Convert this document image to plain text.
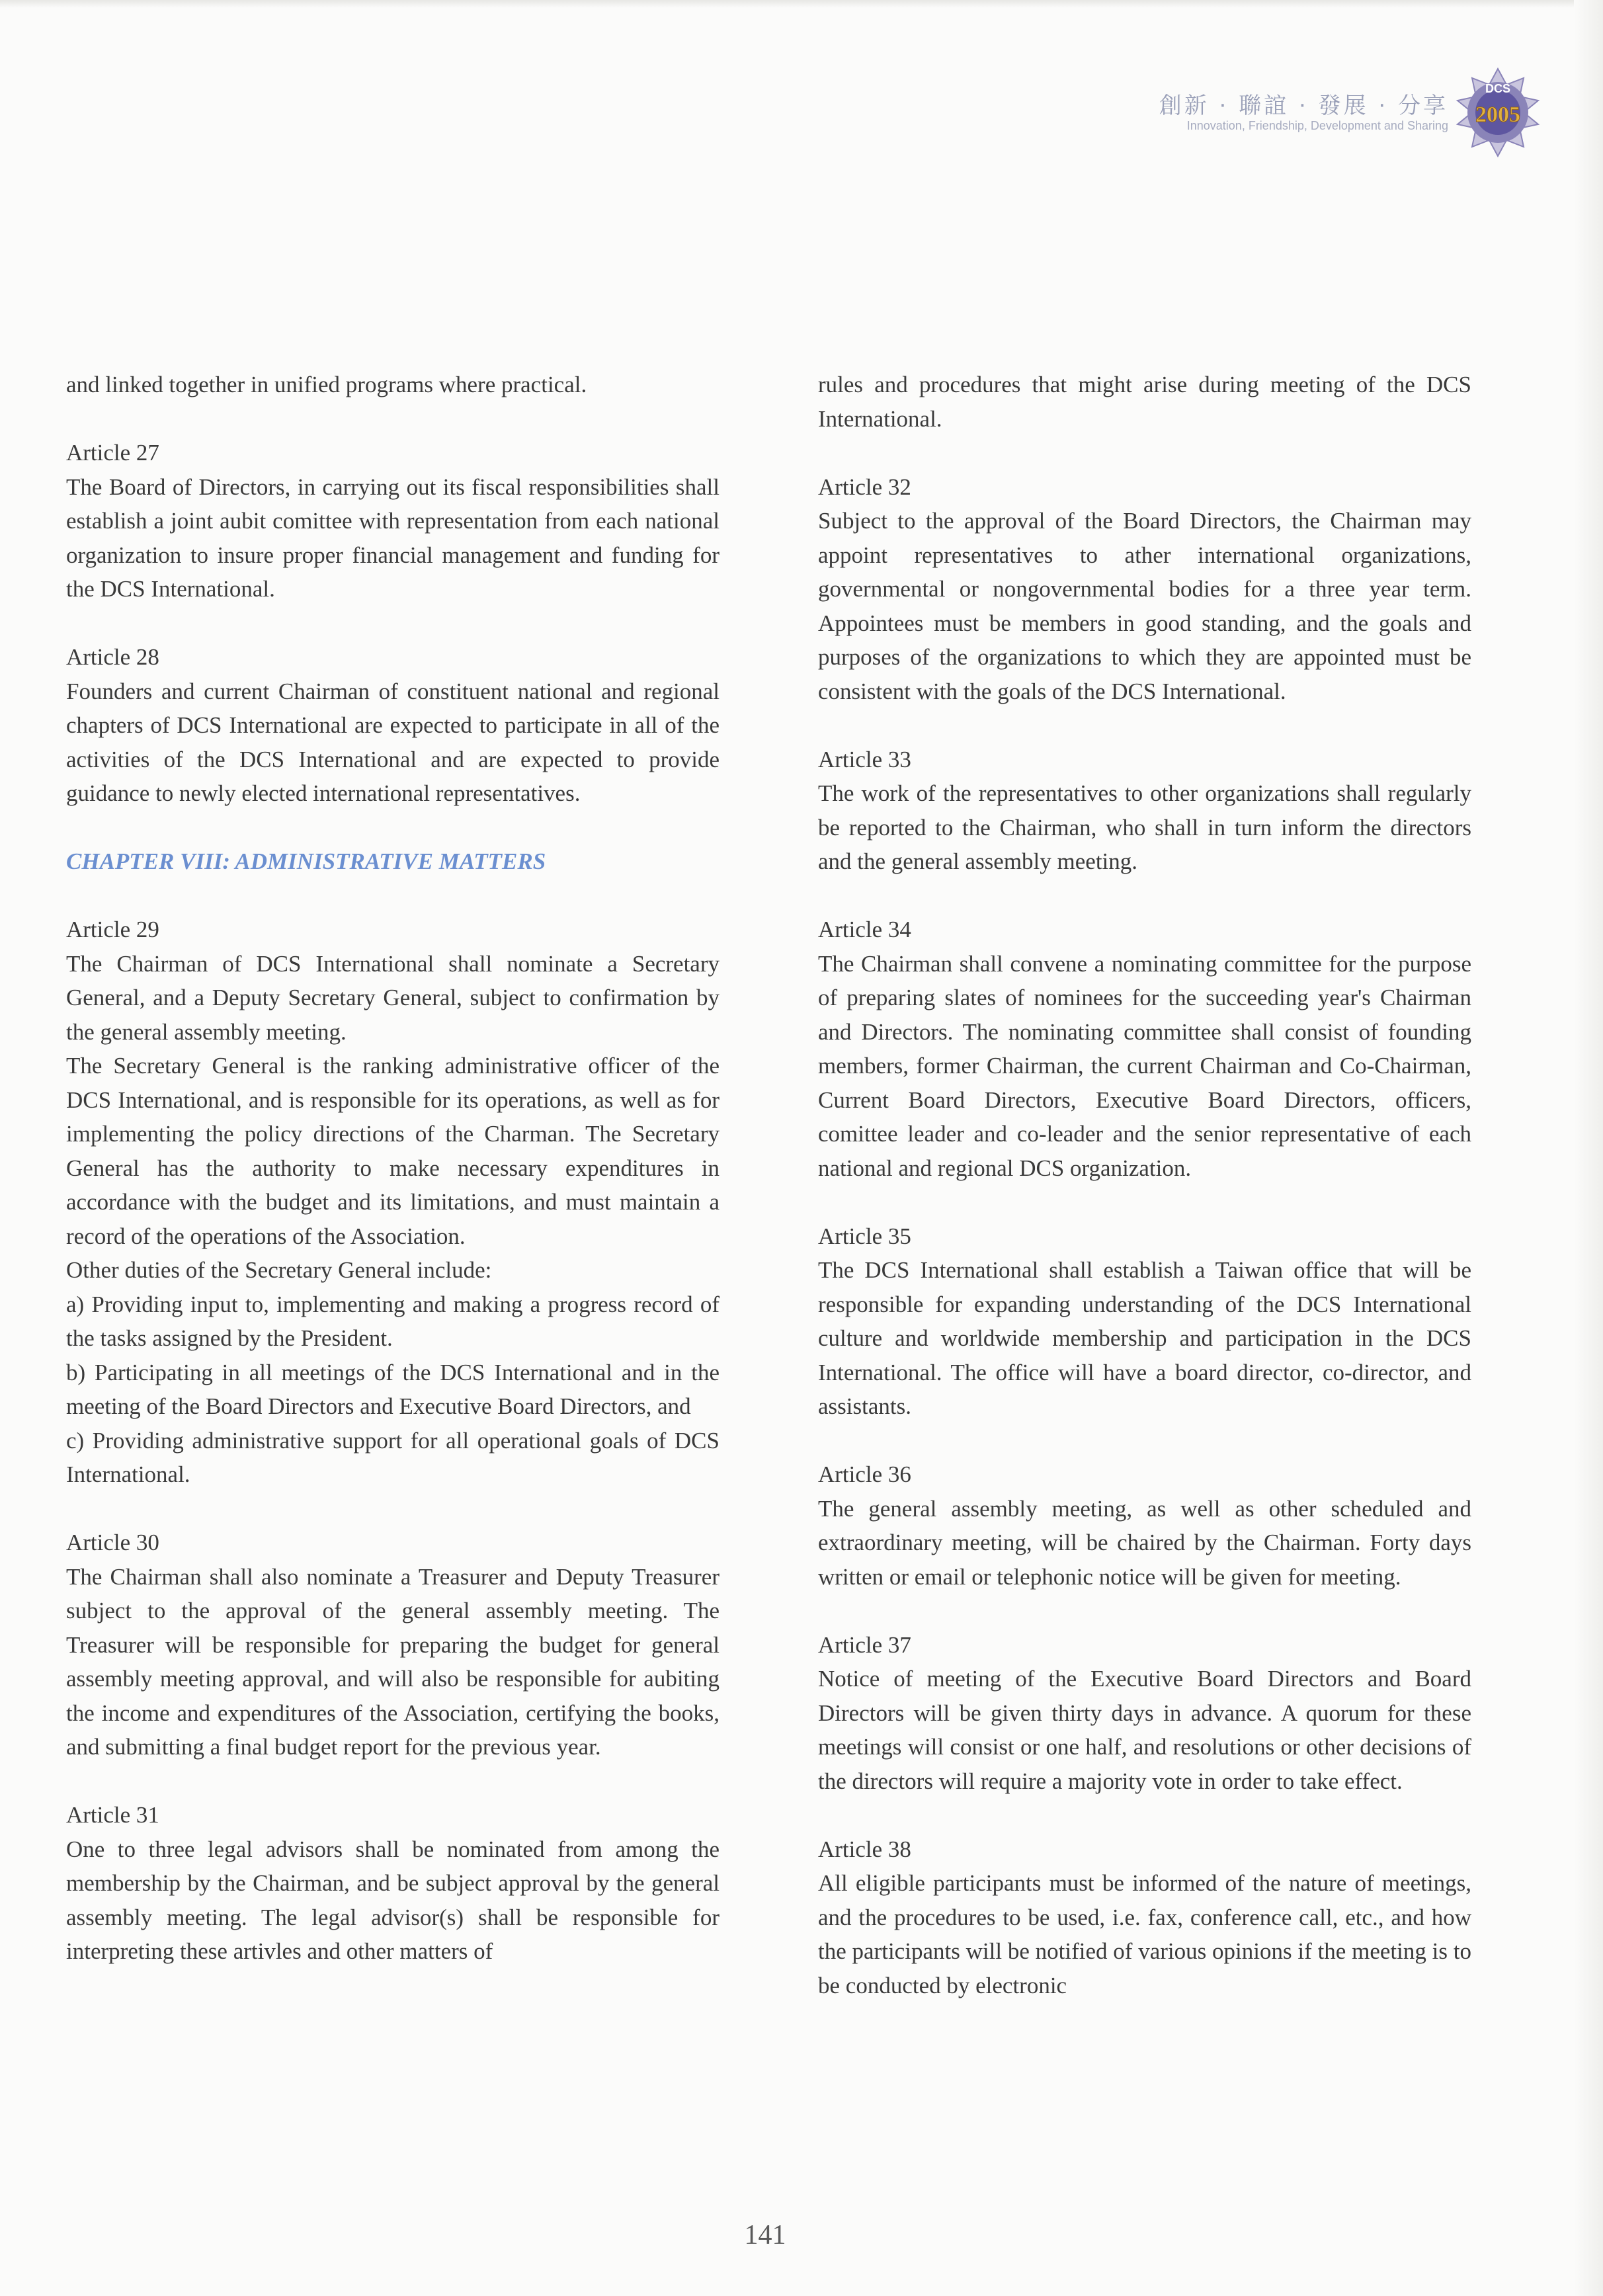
創新 · 聯誼 · 發展 · 分享
Innovation, Friendship, Development and Sharing
DCS
2005

and linked together in unified programs where practical.

Article 27

The Board of Directors, in carrying out its fiscal responsibilities shall establish a joint aubit comittee with representation from each national organization to insure proper financial management and funding for the DCS International.

Article 28

Founders and current Chairman of constituent national and regional chapters of DCS International are expected to participate in all of the activities of the DCS International and are expected to provide guidance to newly elected international representatives.

CHAPTER VIII: ADMINISTRATIVE MATTERS

Article 29

The Chairman of DCS International shall nominate a Secretary General, and a Deputy Secretary General, subject to confirmation by the general assembly meeting.

The Secretary General is the ranking administrative officer of the DCS International, and is responsible for its operations, as well as for implementing the policy directions of the Charman. The Secretary General has the authority to make necessary expenditures in accordance with the budget and its limitations, and must maintain a record of the operations of the Association.

Other duties of the Secretary General include:

a) Providing input to, implementing and making a progress record of the tasks assigned by the President.

b) Participating in all meetings of the DCS International and in the meeting of the Board Directors and Executive Board Directors, and

c) Providing administrative support for all operational goals of DCS International.

Article 30

The Chairman shall also nominate a Treasurer and Deputy Treasurer subject to the approval of the general assembly meeting. The Treasurer will be responsible for preparing the budget for general assembly meeting approval, and will also be responsible for aubiting the income and expenditures of the Association, certifying the books, and submitting a final budget report for the previous year.

Article 31

One to three legal advisors shall be nominated from among the membership by the Chairman, and be subject approval by the general assembly meeting. The legal advisor(s) shall be responsible for interpreting these artivles and other matters of

rules and procedures that might arise during meeting of the DCS International.

Article 32

Subject to the approval of the Board Directors, the Chairman may appoint representatives to ather international organizations, governmental or nongovernmental bodies for a three year term. Appointees must be members in good standing, and the goals and purposes of the organizations to which they are appointed must be consistent with the goals of the DCS International.

Article 33

The work of the representatives to other organizations shall regularly be reported to the Chairman, who shall in turn inform the directors and the general assembly meeting.

Article 34

The Chairman shall convene a nominating committee for the purpose of preparing slates of nominees for the succeeding year's Chairman and Directors. The nominating committee shall consist of founding members, former Chairman, the current Chairman and Co-Chairman, Current Board Directors, Executive Board Directors, officers, comittee leader and co-leader and the senior representative of each national and regional DCS organization.

Article 35

The DCS International shall establish a Taiwan office that will be responsible for expanding understanding of the DCS International culture and worldwide membership and participation in the DCS International. The office will have a board director, co-director, and assistants.

Article 36

The general assembly meeting, as well as other scheduled and extraordinary meeting, will be chaired by the Chairman. Forty days written or email or telephonic notice will be given for meeting.

Article 37

Notice of meeting of the Executive Board Directors and Board Directors will be given thirty days in advance. A quorum for these meetings will consist or one half, and resolutions or other decisions of the directors will require a majority vote in order to take effect.

Article 38

All eligible participants must be informed of the nature of meetings, and the procedures to be used, i.e. fax, conference call, etc., and how the participants will be notified of various opinions if the meeting is to be conducted by electronic

141
